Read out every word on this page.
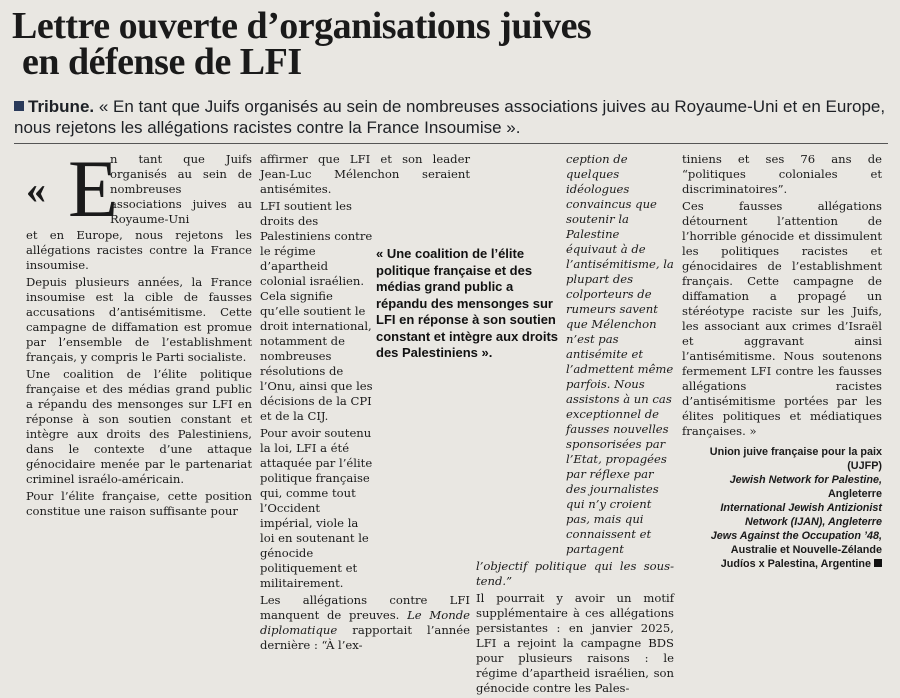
Lettre ouverte d’organisations juives
en défense de LFI
Tribune. « En tant que Juifs organisés au sein de nombreuses associations juives au Royaume-Uni et en Europe, nous rejetons les allégations racistes contre la France Insoumise ».
« E

n tant que Juifs organisés au sein de nombreuses associations juives au Royaume-Uni

et en Europe, nous rejetons les allégations racistes contre la France insoumise.

Depuis plusieurs années, la France insoumise est la cible de fausses accusations d’antisémitisme. Cette campagne de diffamation est promue par l’ensemble de l’establishment français, y compris le Parti socialiste.

Une coalition de l’élite politique française et des médias grand public a répandu des mensonges sur LFI en réponse à son soutien constant et intègre aux droits des Palestiniens, dans le contexte d’une attaque génocidaire menée par le partenariat criminel israélo-américain.

Pour l’élite française, cette position constitue une raison suffisante pour

affirmer que LFI et son leader Jean-Luc Mélenchon seraient antisémites.

LFI soutient les droits des Palestiniens contre le régime d’apartheid colonial israélien. Cela signifie qu’elle soutient le droit international, notamment de nombreuses résolutions de l’Onu, ainsi que les décisions de la CPI et de la CIJ.

Pour avoir soutenu la loi, LFI a été attaquée par l’élite politique française qui, comme tout l’Occident impérial, viole la loi en soutenant le génocide politiquement et militairement.

Les allégations contre LFI manquent de preuves. Le Monde diplomatique rapportait l’année dernière : “À l’ex-

ception de quelques idéologues convaincus que soutenir la Palestine équivaut à de l’antisémitisme, la plupart des colporteurs de rumeurs savent que Mélenchon n’est pas antisémite et l’admettent même parfois. Nous assistons à un cas exceptionnel de fausses nouvelles sponsorisées par l’Etat, propagées par réflexe par des journalistes qui n’y croient pas, mais qui connaissent et partagent

l’objectif politique qui les sous-tend.”

Il pourrait y avoir un motif supplémentaire à ces allégations persistantes : en janvier 2025, LFI a rejoint la campagne BDS pour plusieurs raisons : le régime d’apartheid israélien, son génocide contre les Pales-

tiniens et ses 76 ans de “politiques coloniales et discriminatoires”.

Ces fausses allégations détournent l’attention de l’horrible génocide et dissimulent les politiques racistes et génocidaires de l’establishment français. Cette campagne de diffamation a propagé un stéréotype raciste sur les Juifs, les associant aux crimes d’Israël et aggravant ainsi l’antisémitisme. Nous soutenons fermement LFI contre les fausses allégations racistes d’antisémitisme portées par les élites politiques et médiatiques françaises. »

Union juive française pour la paix (UJFP)
Jewish Network for Palestine,
Angleterre
International Jewish Antizionist Network (IJAN), Angleterre
Jews Against the Occupation ’48,
Australie et Nouvelle-Zélande
Judíos x Palestina, Argentine
« Une coalition de l’élite politique française et des médias grand public a répandu des mensonges sur LFI en réponse à son soutien constant et intègre aux droits des Palestiniens ».
